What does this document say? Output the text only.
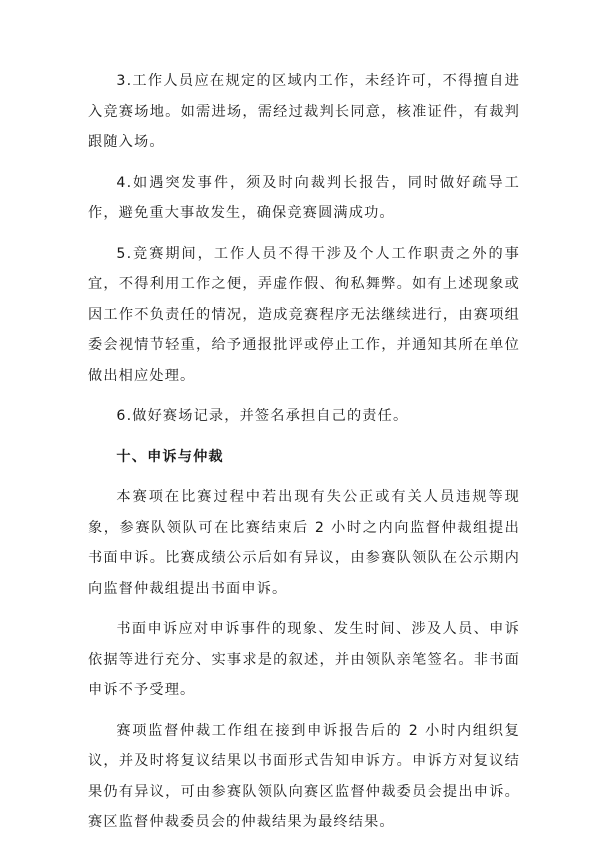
3.工作人员应在规定的区域内工作，未经许可，不得擅自进入竞赛场地。如需进场，需经过裁判长同意，核准证件，有裁判跟随入场。

4.如遇突发事件，须及时向裁判长报告，同时做好疏导工作，避免重大事故发生，确保竞赛圆满成功。

5.竞赛期间，工作人员不得干涉及个人工作职责之外的事宜，不得利用工作之便，弄虚作假、徇私舞弊。如有上述现象或因工作不负责任的情况，造成竞赛程序无法继续进行，由赛项组委会视情节轻重，给予通报批评或停止工作，并通知其所在单位做出相应处理。

6.做好赛场记录，并签名承担自己的责任。

十、申诉与仲裁

本赛项在比赛过程中若出现有失公正或有关人员违规等现象，参赛队领队可在比赛结束后 2 小时之内向监督仲裁组提出书面申诉。比赛成绩公示后如有异议，由参赛队领队在公示期内向监督仲裁组提出书面申诉。

书面申诉应对申诉事件的现象、发生时间、涉及人员、申诉依据等进行充分、实事求是的叙述，并由领队亲笔签名。非书面申诉不予受理。

赛项监督仲裁工作组在接到申诉报告后的 2 小时内组织复议，并及时将复议结果以书面形式告知申诉方。申诉方对复议结果仍有异议，可由参赛队领队向赛区监督仲裁委员会提出申诉。赛区监督仲裁委员会的仲裁结果为最终结果。
